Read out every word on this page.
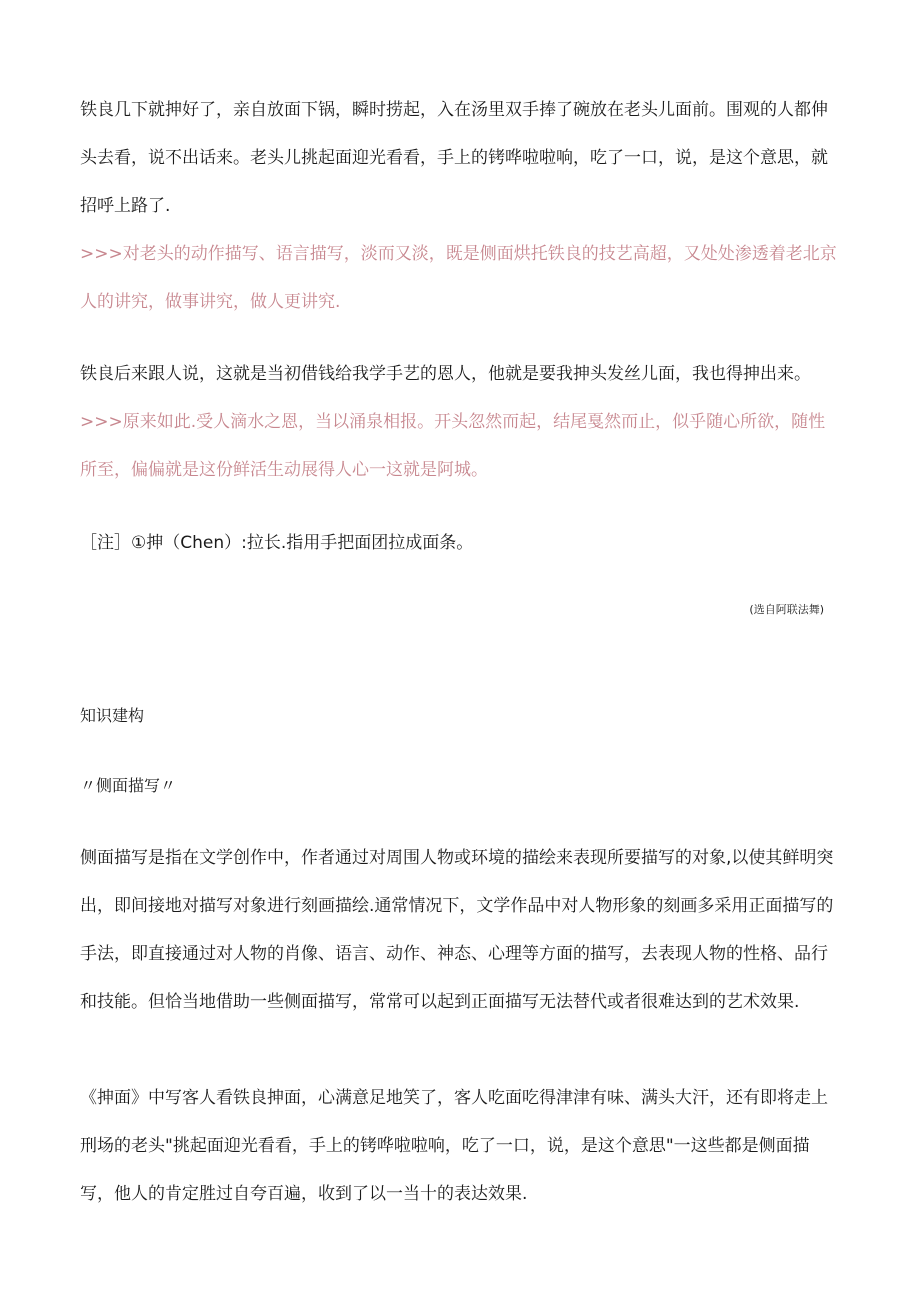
铁良几下就抻好了，亲自放面下锅，瞬时捞起，入在汤里双手捧了碗放在老头儿面前。围观的人都伸头去看，说不出话来。老头儿挑起面迎光看看，手上的铐哗啦啦响，吃了一口，说，是这个意思，就招呼上路了.

>>>对老头的动作描写、语言描写，淡而又淡，既是侧面烘托铁良的技艺高超，又处处渗透着老北京人的讲究，做事讲究，做人更讲究.

铁良后来跟人说，这就是当初借钱给我学手艺的恩人，他就是要我抻头发丝儿面，我也得抻出来。

>>>原来如此.受人滴水之恩，当以涌泉相报。开头忽然而起，结尾戛然而止，似乎随心所欲，随性所至，偏偏就是这份鲜活生动展得人心一这就是阿城。

［注］①抻（Chen）:拉长.指用手把面团拉成面条。

(选自阿联法舞)

知识建构

〃侧面描写〃

侧面描写是指在文学创作中，作者通过对周围人物或环境的描绘来表现所要描写的对象,以使其鲜明突出，即间接地对描写对象进行刻画描绘.通常情况下，文学作品中对人物形象的刻画多采用正面描写的手法，即直接通过对人物的肖像、语言、动作、神态、心理等方面的描写，去表现人物的性格、品行和技能。但恰当地借助一些侧面描写，常常可以起到正面描写无法替代或者很难达到的艺术效果.

《抻面》中写客人看铁良抻面，心满意足地笑了，客人吃面吃得津津有味、满头大汗，还有即将走上刑场的老头"挑起面迎光看看，手上的铐哗啦啦响，吃了一口，说，是这个意思"一这些都是侧面描写，他人的肯定胜过自夸百遍，收到了以一当十的表达效果.
